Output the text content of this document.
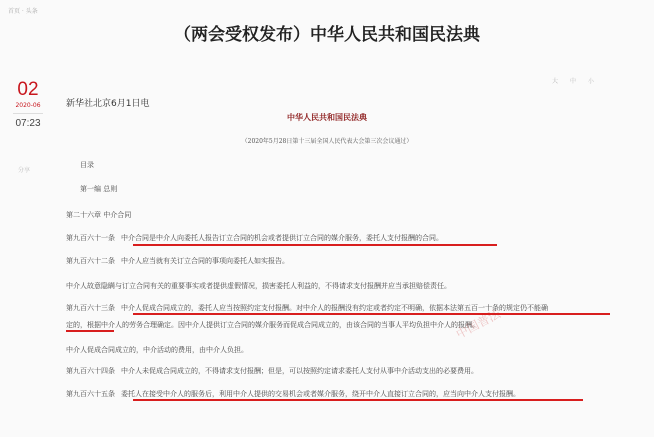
首页 · 头条
（两会受权发布）中华人民共和国民法典
02
2020-06
07:23
分享
大 中 小
新华社北京6月1日电
中华人民共和国民法典
（2020年5月28日第十三届全国人民代表大会第三次会议通过）
目录
第一编 总则
第二十六章 中介合同
第九百六十一条 中介合同是中介人向委托人报告订立合同的机会或者提供订立合同的媒介服务，委托人支付报酬的合同。
第九百六十二条 中介人应当就有关订立合同的事项向委托人如实报告。
中介人故意隐瞒与订立合同有关的重要事实或者提供虚假情况，损害委托人利益的，不得请求支付报酬并应当承担赔偿责任。
第九百六十三条 中介人促成合同成立的，委托人应当按照约定支付报酬。对中介人的报酬没有约定或者约定不明确，依据本法第五百一十条的规定仍不能确
定的，根据中介人的劳务合理确定。因中介人提供订立合同的媒介服务而促成合同成立的，由该合同的当事人平均负担中介人的报酬。
中介人促成合同成立的，中介活动的费用，由中介人负担。
第九百六十四条 中介人未促成合同成立的，不得请求支付报酬；但是，可以按照约定请求委托人支付从事中介活动支出的必要费用。
第九百六十五条 委托人在接受中介人的服务后，利用中介人提供的交易机会或者媒介服务，绕开中介人直接订立合同的，应当向中介人支付报酬。
中国普法
